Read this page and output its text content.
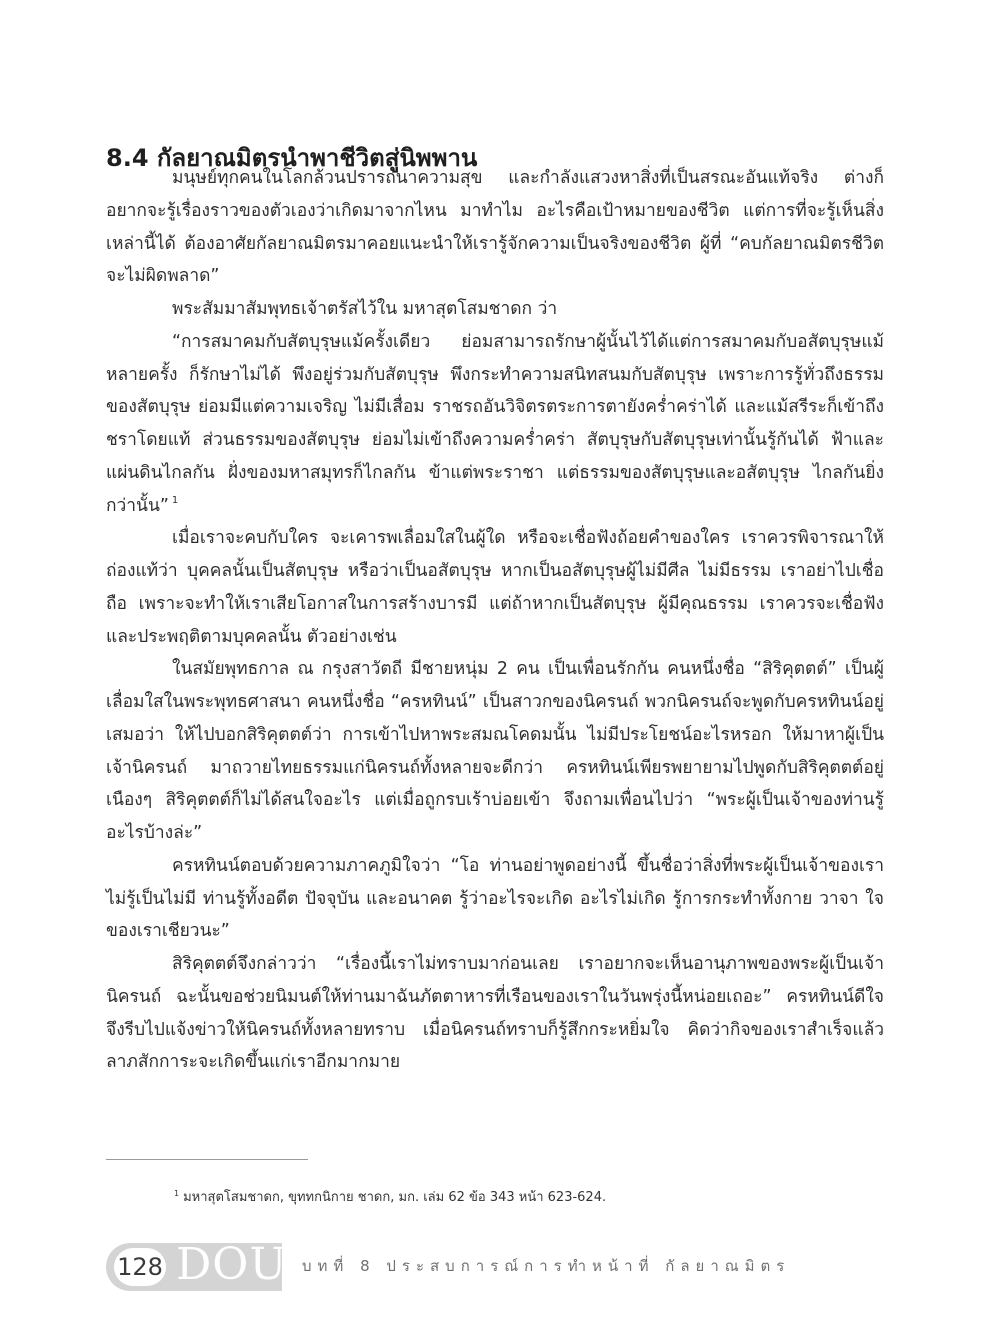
8.4 กัลยาณมิตรนำพาชีวิตสู่นิพพาน

มนุษย์ทุกคนในโลกล้วนปรารถนาความสุข และกำลังแสวงหาสิ่งที่เป็นสรณะอันแท้จริง ต่างก็อยากจะรู้เรื่องราวของตัวเองว่าเกิดมาจากไหน มาทำไม อะไรคือเป้าหมายของชีวิต แต่การที่จะรู้เห็นสิ่งเหล่านี้ได้ ต้องอาศัยกัลยาณมิตรมาคอยแนะนำให้เรารู้จักความเป็นจริงของชีวิต ผู้ที่ “คบกัลยาณมิตรชีวิตจะไม่ผิดพลาด”

พระสัมมาสัมพุทธเจ้าตรัสไว้ใน มหาสุตโสมชาดก ว่า

“การสมาคมกับสัตบุรุษแม้ครั้งเดียว ย่อมสามารถรักษาผู้นั้นไว้ได้แต่การสมาคมกับอสัตบุรุษแม้หลายครั้ง ก็รักษาไม่ได้ พึงอยู่ร่วมกับสัตบุรุษ พึงกระทำความสนิทสนมกับสัตบุรุษ เพราะการรู้ทั่วถึงธรรมของสัตบุรุษ ย่อมมีแต่ความเจริญ ไม่มีเสื่อม ราชรถอันวิจิตรตระการตายังคร่ำคร่าได้ และแม้สรีระก็เข้าถึงชราโดยแท้ ส่วนธรรมของสัตบุรุษ ย่อมไม่เข้าถึงความคร่ำคร่า สัตบุรุษกับสัตบุรุษเท่านั้นรู้กันได้ ฟ้าและแผ่นดินไกลกัน ฝั่งของมหาสมุทรก็ไกลกัน ข้าแต่พระราชา แต่ธรรมของสัตบุรุษและอสัตบุรุษ ไกลกันยิ่งกว่านั้น” $^1$

เมื่อเราจะคบกับใคร จะเคารพเลื่อมใสในผู้ใด หรือจะเชื่อฟังถ้อยคำของใคร เราควรพิจารณาให้ถ่องแท้ว่า บุคคลนั้นเป็นสัตบุรุษ หรือว่าเป็นอสัตบุรุษ หากเป็นอสัตบุรุษผู้ไม่มีศีล ไม่มีธรรม เราอย่าไปเชื่อถือ เพราะจะทำให้เราเสียโอกาสในการสร้างบารมี แต่ถ้าหากเป็นสัตบุรุษ ผู้มีคุณธรรม เราควรจะเชื่อฟังและประพฤติตามบุคคลนั้น ตัวอย่างเช่น

ในสมัยพุทธกาล ณ กรุงสาวัตถี มีชายหนุ่ม 2 คน เป็นเพื่อนรักกัน คนหนึ่งชื่อ “สิริคุตตต์” เป็นผู้เลื่อมใสในพระพุทธศาสนา คนหนึ่งชื่อ “ครหทินน์” เป็นสาวกของนิครนถ์ พวกนิครนถ์จะพูดกับครหทินน์อยู่เสมอว่า ให้ไปบอกสิริคุตตต์ว่า การเข้าไปหาพระสมณโคดมนั้น ไม่มีประโยชน์อะไรหรอก ให้มาหาผู้เป็นเจ้านิครนถ์ มาถวายไทยธรรมแก่นิครนถ์ทั้งหลายจะดีกว่า ครหทินน์เพียรพยายามไปพูดกับสิริคุตตต์อยู่เนืองๆ สิริคุตตต์ก็ไม่ได้สนใจอะไร แต่เมื่อถูกรบเร้าบ่อยเข้า จึงถามเพื่อนไปว่า “พระผู้เป็นเจ้าของท่านรู้อะไรบ้างล่ะ”

ครหทินน์ตอบด้วยความภาคภูมิใจว่า “โอ ท่านอย่าพูดอย่างนี้ ขึ้นชื่อว่าสิ่งที่พระผู้เป็นเจ้าของเราไม่รู้เป็นไม่มี ท่านรู้ทั้งอดีต ปัจจุบัน และอนาคต รู้ว่าอะไรจะเกิด อะไรไม่เกิด รู้การกระทำทั้งกาย วาจา ใจของเราเชียวนะ”

สิริคุตตต์จึงกล่าวว่า “เรื่องนี้เราไม่ทราบมาก่อนเลย เราอยากจะเห็นอานุภาพของพระผู้เป็นเจ้านิครนถ์ ฉะนั้นขอช่วยนิมนต์ให้ท่านมาฉันภัตตาหารที่เรือนของเราในวันพรุ่งนี้หน่อยเถอะ” ครหทินน์ดีใจจึงรีบไปแจ้งข่าวให้นิครนถ์ทั้งหลายทราบ เมื่อนิครนถ์ทราบก็รู้สึกกระหยิ่มใจ คิดว่ากิจของเราสำเร็จแล้ว ลาภสักการะจะเกิดขึ้นแก่เราอีกมากมาย

$^1$ มหาสุตโสมชาดก, ขุททกนิกาย ชาดก, มก. เล่ม 62 ข้อ 343 หน้า 623-624.
128 DOU บทที่ 8 ประสบการณ์การทำหน้าที่ กัลยาณมิตร
